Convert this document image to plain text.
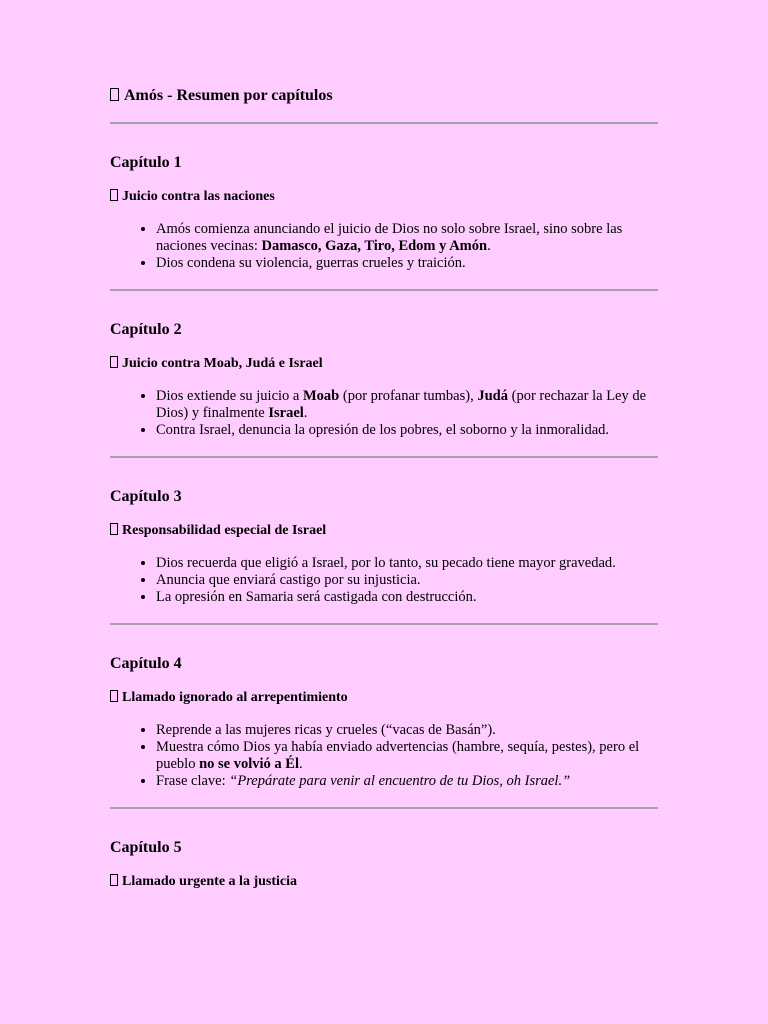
Amós - Resumen por capítulos
Capítulo 1
Juicio contra las naciones
• Amós comienza anunciando el juicio de Dios no solo sobre Israel, sino sobre las naciones vecinas: Damasco, Gaza, Tiro, Edom y Amón.
• Dios condena su violencia, guerras crueles y traición.
Capítulo 2
Juicio contra Moab, Judá e Israel
• Dios extiende su juicio a Moab (por profanar tumbas), Judá (por rechazar la Ley de Dios) y finalmente Israel.
• Contra Israel, denuncia la opresión de los pobres, el soborno y la inmoralidad.
Capítulo 3
Responsabilidad especial de Israel
• Dios recuerda que eligió a Israel, por lo tanto, su pecado tiene mayor gravedad.
• Anuncia que enviará castigo por su injusticia.
• La opresión en Samaria será castigada con destrucción.
Capítulo 4
Llamado ignorado al arrepentimiento
• Reprende a las mujeres ricas y crueles (“vacas de Basán”).
• Muestra cómo Dios ya había enviado advertencias (hambre, sequía, pestes), pero el pueblo no se volvió a Él.
• Frase clave: “Prepárate para venir al encuentro de tu Dios, oh Israel.”
Capítulo 5
Llamado urgente a la justicia
